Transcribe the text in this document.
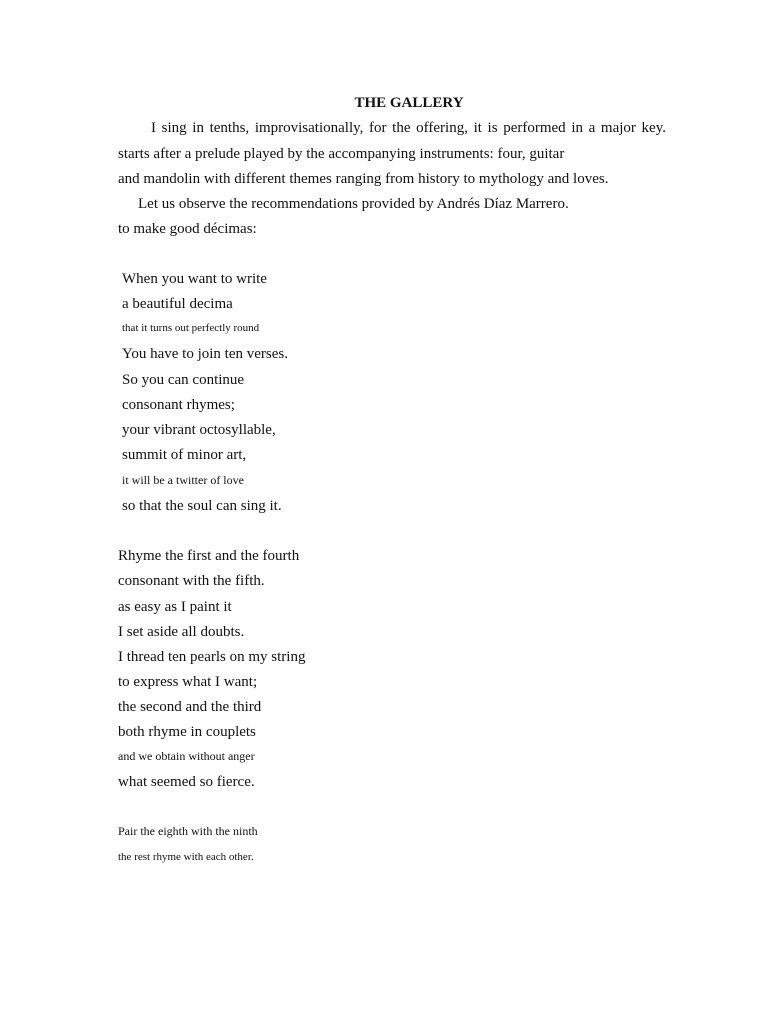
THE GALLERY

I sing in tenths, improvisationally, for the offering, it is performed in a major key.

starts after a prelude played by the accompanying instruments: four, guitar

and mandolin with different themes ranging from history to mythology and loves.

Let us observe the recommendations provided by Andrés Díaz Marrero.

to make good décimas:

When you want to write

a beautiful decima

that it turns out perfectly round

You have to join ten verses.

So you can continue

consonant rhymes;

your vibrant octosyllable,

summit of minor art,

it will be a twitter of love

so that the soul can sing it.

Rhyme the first and the fourth

consonant with the fifth.

as easy as I paint it

I set aside all doubts.

I thread ten pearls on my string

to express what I want;

the second and the third

both rhyme in couplets

and we obtain without anger

what seemed so fierce.

Pair the eighth with the ninth

the rest rhyme with each other.
